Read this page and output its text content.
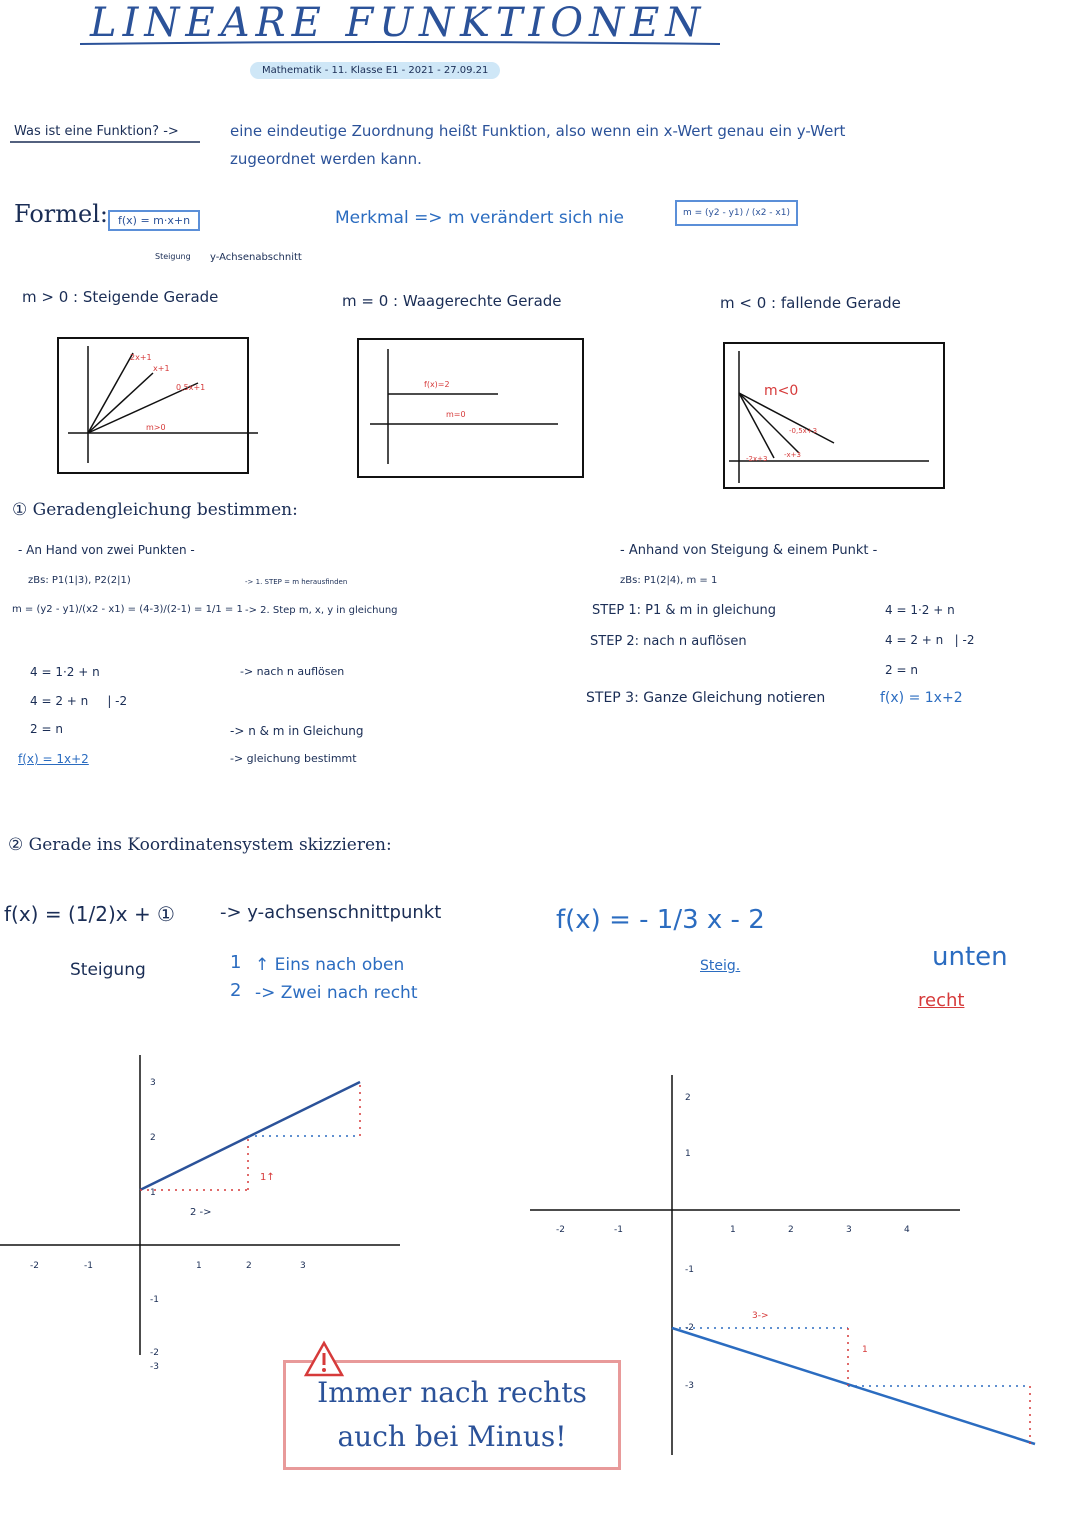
LINEARE FUNKTIONEN
Mathematik - 11. Klasse E1 - 2021 - 27.09.21
Was ist eine Funktion? ->	eine eindeutige Zuordnung heißt Funktion, also wenn ein x-Wert genau ein y-Wert
zugeordnet werden kann.
Formel: f(x) = m·x+n
Steigung y-Achsenabschnitt
Merkmal => m verändert sich nie	m = (y2 - y1) / (x2 - x1)
m > 0 : Steigende Gerade	m = 0 : Waagerechte Gerade	m < 0 : fallende Gerade
2x+1
x+1
0,5x+1
m>0
f(x)=2
m=0
m<0
-0,5x+3
-x+3
-2x+3
① Geradengleichung bestimmen:
- An Hand von zwei Punkten -
zBs: P1(1|3), P2(2|1)
m = (y2 - y1)/(x2 - x1) = (4-3)/(2-1) = 1/1 = 1
-> 1. STEP = m herausfinden
-> 2. Step m, x, y in gleichung
4 = 1·2 + n	-> nach n auflösen
4 = 2 + n     | -2
2 = n	-> n & m in Gleichung
f(x) = 1x+2	-> gleichung bestimmt
- Anhand von Steigung & einem Punkt -
zBs: P1(2|4), m = 1
STEP 1: P1 & m in gleichung	4 = 1·2 + n
STEP 2: nach n auflösen	4 = 2 + n   | -2
2 = n
STEP 3: Ganze Gleichung notieren	f(x) = 1x+2
② Gerade ins Koordinatensystem skizzieren:
f(x) = (1/2)x + ①	-> y-achsenschnittpunkt
Steigung	1
2
↑ Eins nach oben
-> Zwei nach recht
f(x) = - 1/3 x - 2
Steig.	unten
recht
1↑
2 ->
-2	-1	1	2	3
3
2
1
-1
-2
-3
3->
1
-2	-1	1	2	3	4
2
1
-1
-2
-3
Immer nach rechts
auch bei Minus!
